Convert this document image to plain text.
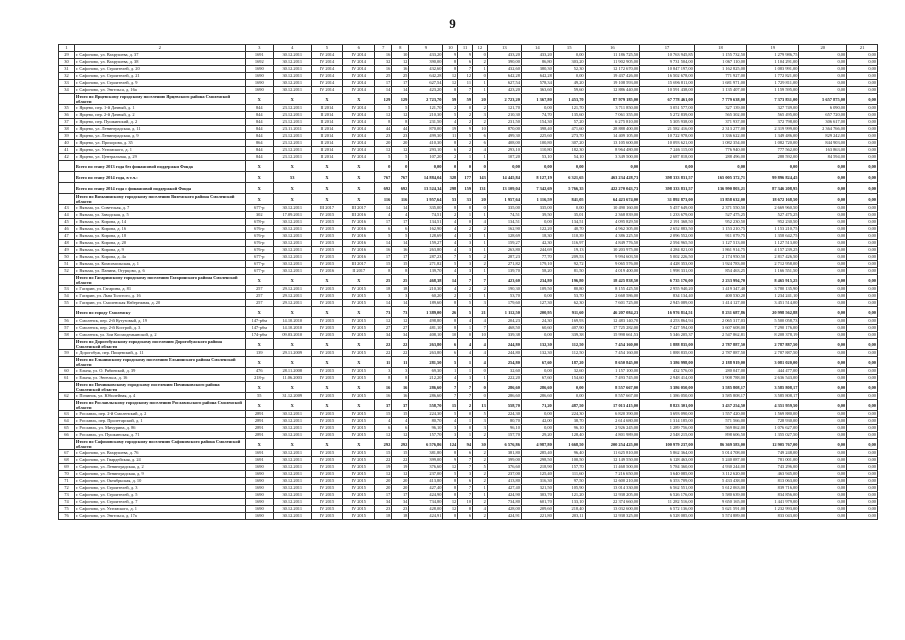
9
1	2	3	4	5	6	7	8	9	10	11	12	13	14	15	16	17	18	19	20	21
29	г. Сафоново, ул. Вахрушева, д. 37	1691	30.12.2011	IV 2014	IV 2014	16	10	433,20	9	9	0	433,20	433,20	0,00	11 186 725,50	10 763 945,85	1 155 732,50	1 279 986,75	0,00	0,00
30	г. Сафоново, ул. Вахрушева, д. 38	1692	30.12.2011	IV 2014	IV 2014	32	12	390,00	8	6	2	390,00	86,80	303,20	11 902 905,00	9 731 504,00	1 067 110,00	1 104 291,00	0,00	0,00
31	г. Сафоново, ул. Строителей, д. 20	1690	30.12.2011	IV 2014	IV 2014	16	16	432,60	8	7	1	432,60	380,30	52,30	12 172 670,00	10 847 197,00	1 162 825,00	1 083 991,00	0,00	0,00
32	г. Сафоново, ул. Строителей, д. 21	1690	30.12.2011	IV 2014	IV 2014	25	25	642,28	12	12	0	642,28	642,28	0,00	19 437 426,00	16 502 678,00	771 927,00	1 772 821,00	0,00	0,00
33	г. Сафоново, ул. Строителей, д. 9	1690	30.12.2011	IV 2014	IV 2014	17	17	627,54	12	11	1	627,54	578,34	49,20	19 108 593,00	15 696 811,00	1 681 971,00	1 729 811,00	0,00	0,00
34	г. Сафоново, ул. Энгельса, д. 16а	1690	30.12.2011	IV 2014	IV 2014	14	14	423,20	8	7	1	423,20	363,60	59,60	12 886 440,00	10 591 438,00	1 135 407,00	1 159 595,00	0,00	0,00
	Итого по Ярцевскому городскому поселению Ярцевского района Смоленской области	X	X	X	X	129	129	2 723,70	59	59	20	2 723,20	1 367,80	1 453,70	87 979 185,00	67 778 461,00	7 779 638,00	7 373 831,00	5 657 875,00	0,00
35	г. Ярцево, пер. 1-й Дачный, д. 1	844	23.12.2011	II 2014	IV 2014	5	5	121,70	2	0	2	121,70	0,00	121,70	3 711 850,00	3 051 577,00	327 139,00	327 749,00	6 090,00	0,00
36	г. Ярцево, пер. 2-й Дачный, д. 2	844	23.12.2011	II 2014	IV 2014	12	12	210,30	5	2	3	210,30	74,70	135,60	7 061 355,00	5 272 839,00	565 302,00	565 495,00	657 720,00	0,00
37	г. Ярцево, пер. Пушкинский, д. 2	844	23.12.2011	II 2014	IV 2014	8	8	231,50	4	2	2	231,50	154,30	57,20	6 275 810,00	5 305 938,00	371 937,00	372 798,00	306 617,00	0,00
38	г. Ярцево, ул. Ленинградская, д. 11	844	23.11.2011	II 2014	IV 2014	44	44	870,00	19	9	10	870,00	398,40	471,60	28 888 400,00	21 582 416,00	2 313 277,00	2 319 999,00	2 364 766,00	0,00
39	г. Ярцево, ул. Ленинградская, д. 9	844	23.12.2011	II 2014	IV 2014	23	23	499,30	11	5	6	499,30	225,60	273,70	14 409 105,00	10 722 978,00	1 336 622,00	1 349 486,00	829 242,00	0,00
40	г. Ярцево, ул. Прохорова, д. 35	864	23.12.2011	II 2014	IV 2014	20	20	410,30	8	2	6	408,00	100,80	307,20	13 105 600,00	10 093 621,00	1 082 354,00	1 082 720,00	844 903,00	0,00
41	г. Ярцево, ул. Ухтомского, д. 1	844	23.12.2011	II 2014	IV 2014	12	12	293,10	6	2	4	293,10	110,80	182,30	8 964 480,00	7 246 115,00	776 940,00	777 562,00	163 863,00	0,00
42	г. Ярцево, ул. Центральная, д. 29	844	23.12.2011	II 2014	IV 2014	5	5	107,20	2	1	1	107,20	53,10	54,10	3 349 500,00	2 687 818,00	288 496,00	288 592,00	84 594,00	0,00
	Всего по этапу 2013 года без финансовой поддержки Фонда	X	X	X	X	0	0	0,00	0	0	0	0,00	0,00	0,00	0,00	0,00	0,00	0,00	0,00	0,00
	Всего по этапу 2014 года, в т.ч.:	X	53	X	X	767	767	14 884,04	328	177	143	14 445,84	8 127,19	6 321,65	463 234 428,73	398 333 831,57	165 005 372,71	99 896 824,45	0,00	0,00
	Всего по этапу 2014 года с финансовой поддержкой Фонда	X	X	X	X	692	692	13 524,34	298	159	131	13 109,04	7 342,69	5 766,35	422 270 043,73	398 333 831,57	136 990 803,21	87 346 208,95	0,00	0,00
	Итого по Вязьминскому городскому поселению Вяземского района Смоленской области	X	X	X	X	116	116	1 957,64	53	33	20	1 957,64	1 116,59	841,05	64 423 674,00	31 892 873,00	13 858 632,00	18 672 168,50	0,00	0,00
43	г. Вязьма, ул. Советская, д. 7	677-р	30.12.2011	III 2017	III 2017	14	14	335,00	8	8	0	335,00	335,00	0,00	10 490 160,00	5 457 649,00	2 371 550,50	2 669 960,50	0,00	0,00
44	г. Вязьма, ул. Заводская, д. 5	302	17.09.2011	IV 2015	III 2016	4	4	74,51	2	1	1	74,51	39,50	35,01	2 368 839,00	1 233 679,00	527 475,25	527 475,25	0,00	0,00
45	г. Вязьма, ул. Кирова, д. 14	678-р	30.12.2011	IV 2015	IV 2016	17	17	134,51	4	0	4	134,51	0,00	134,51	4 095 829,50	2 191 368,50	952 230,50	952 230,50	0,00	0,00
46	г. Вязьма, ул. Кирова, д. 16	676-р	30.12.2011	IV 2015	IV 2016	6	6	162,90	4	2	2	162,90	122,20	40,70	4 962 305,00	2 652 883,50	1 153 210,75	1 153 210,75	0,00	0,00
47	г. Вязьма, ул. Кирова, д. 18	676-р	30.12.2011	IV 2015	IV 2016	5	5	128,69	4	3	1	128,69	18,30	110,39	4 386 225,50	2 096 552,00	911 079,75	1 358 642,75	0,00	0,00
48	г. Вязьма, ул. Кирова, д. 20	676-р	30.12.2011	IV 2015	IV 2016	14	14	159,27	4	3	1	159,27	42,30	116,97	4 849 776,50	2 594 965,50	1 127 513,00	1 127 513,00	0,00	0,00
49	г. Вязьма, ул. Кирова, д. 9	676-р	30.12.2011	IV 2015	IV 2016	16	16	263,80	4	3	1	263,80	244,69	19,13	10 203 975,00	4 284 821,00	1 861 914,75	4 157 239,25	0,00	0,00
50	г. Вязьма, ул. Кирова, д. 4а	677-р	30.12.2011	IV 2015	IV 2016	17	17	287,23	7	5	2	287,23	77,70	209,53	9 994 603,50	5 002 226,50	2 174 950,50	2 817 426,50	0,00	0,00
51	г. Вязьма, ул. Комсомольская, д. 1	677-р	30.12.2011	IV 2015	III 2017	15	15	271,82	5	3	2	271,82	179,10	92,72	9 065 576,00	4 428 353,00	1 924 783,00	2 712 958,00	0,00	0,00
52	г. Вязьма, ул. Панина, Огурцово, д. 6	677-р	30.12.2011	IV 2016	II 2017	8	8	139,70	4	3	1	139,70	58,20	81,50	4 019 400,00	1 998 331,00	854 463,25	1 166 551,50	0,00	0,00
	Итого по Гагаринскому городскому поселению Гагаринского района Смоленской области	X	X	X	X	25	25	468,38	14	7	7	423,60	234,80	196,80	18 425 838,50	6 735 176,00	2 233 994,70	8 465 915,25	0,00	0,00
53	г. Гагарин, ул. Гагарина, д. 81	257	29.12.2011	IV 2015	IV 2015	18	18	210,30	4	2	2	190,30	109,50	80,80	8 155 425,50	2 955 940,20	1 419 347,40	3 780 135,90	0,00	0,00
54	г. Гагарин, ул. Льва Толстого, д. 16	257	29.12.2011	IV 2015	IV 2015	3	3	60,20	2	1	1	53,70	0,00	53,70	2 668 586,00	834 134,40	400 530,20	1 234 241,10	0,00	0,00
55	г. Гагарин, ул. Смоленская Набережная, д. 20	257	29.12.2011	IV 2015	IV 2015	14	14	189,60	8	5	3	179,60	127,30	62,30	7 601 725,00	2 945 089,00	1 414 127,00	3 451 514,00	0,00	0,00
	Итого по городу Смоленску	X	X	X	X	73	73	1 389,00	26	5	21	1 112,50	200,95	911,60	46 207 084,23	16 976 814,51	8 231 687,86	20 998 562,88	0,00	0,00
56	г. Смоленск, пер. 2-й Кутузовый, д. 19	147-рбм	14.10.2010	IV 2015	IV 2015	12	12	498,80	8	4	4	204,23	24,30	169,93	12 483 140,70	4 253 864,94	2 065 317,03	5 500 058,73	0,00	0,00
57	г. Смоленск, пер. 2-й Кострой, д. 3	147-рбм	14.10.2010	IV 2015	IV 2015	27	27	481,10	8	1	7	468,50	60,60	407,90	17 725 282,00	7 427 594,00	3 607 608,00	7 290 176,00	0,00	0,00
58	г. Смоленск, ул. Зои Космодемьянской, д. 2	174-рбм	09.03.2010	IV 2015	IV 2015	34	34	408,10	10	0	10	339,38	0,00	339,38	15 998 661,53	5 346 205,37	2 547 862,81	8 208 378,19	0,00	0,00
	Итого по Дорогобужскому городскому поселению Дорогобужского района Смоленской области	X	X	X	X	22	22	263,80	6	4	4	244,80	132,30	112,50	7 454 160,00	1 888 835,00	2 787 887,50	2 787 887,50	0,00	0,00
59	г. Дорогобуж, пер. Пищевский, д. 11	139	29.11.2009	IV 2015	IV 2015	22	22	263,80	6	4	4	244,80	132,30	112,50	7 454 160,00	1 888 835,00	2 787 887,50	2 787 887,50	0,00	0,00
	Итого по Ельнинскому городскому поселению Ельнинского района Смоленской области	X	X	X	X	11	11	281,50	5	1	4	254,80	67,60	187,20	8 650 845,00	3 386 998,00	2 188 919,00	3 081 020,00	0,00	0,00
60	г. Ельня, ул. О. Рябинской, д. 39	476	28.11.2008	IV 2015	IV 2015	3	3	69,30	1	1	0	32,60	0,00	32,60	1 157 100,00	432 576,00	280 047,00	444 477,00	0,00	0,00
61	г. Ельня, ул. Энгельса, д. 16	218-р	11.06.2003	IV 2015	IV 2015	8	8	212,20	4	3	1	222,20	67,60	154,60	7 493 745,00	2 948 414,00	1 908 788,00	2 636 543,00	0,00	0,00
	Итого по Починковскому городскому поселению Починковского района Смоленской области	X	X	X	X	16	16	286,60	7	7	0	286,60	286,60	0,00	8 557 667,00	3 386 050,00	3 585 808,17	3 585 808,17	0,00	0,00
62	г. Починок, ул. Юбилейная, д. 4	55	31.12.2009	IV 2015	IV 2015	16	16	286,60	7	7	0	286,60	286,60	0,00	8 557 667,00	1 386 050,00	3 585 808,17	3 585 808,17	0,00	0,00
	Итого по Рославльскому городскому поселению Рославльского района Смоленской области	X	X	X	X	37	37	558,70	15	2	13	558,70	71,20	487,50	17 013 415,00	8 823 301,00	3 437 254,50	4 351 959,50	0,00	0,00
63	г. Рославль, пер. 2-й Смоленский, д. 2	2891	30.12.2011	IV 2015	IV 2015	15	15	224,30	5	0	5	224,30	0,00	224,30	6 820 390,00	3 693 090,00	1 557 420,00	1 569 880,00	0,00	0,00
64	г. Рославль, пер. Пролетарский, д. 1	2891	30.12.2011	IV 2015	IV 2015	4	4	80,70	4	1	3	80,70	42,00	38,70	2 614 680,00	1 314 185,00	571 566,00	728 930,00	0,00	0,00
65	г. Рославль, ул. Мичурина, д. 86	2891	30.12.2011	IV 2015	IV 2015	6	6	96,10	3	0	3	96,10	0,00	96,10	2 926 245,00	1 289 756,00	569 862,00	1 076 627,00	0,00	0,00
66	г. Рославль, ул. Пушкинская, д. 71	2891	30.12.2011	IV 2015	IV 2015	12	12	157,70	3	1	2	157,70	29,20	128,40	4 801 989,00	2 548 215,00	898 606,50	1 355 027,50	0,00	0,00
	Итого по Сафоновскому городскому поселению Сафоновского района Смоленской области	X	X	X	X	292	292	6 576,86	124	94	30	6 576,86	4 987,80	1 668,50	200 254 425,00	100 979 237,00	86 369 583,00	12 905 767,00	0,00	0,00
67	г. Сафоново, ул. Вахрушева, д. 76	1691	30.12.2011	IV 2015	IV 2015	15	15	381,80	8	6	2	381,80	285,40	96,40	11 625 810,00	5 862 364,00	5 014 708,00	749 248,00	0,00	0,00
68	г. Сафоново, ул. Гвардейская, д. 24	1691	30.12.2011	IV 2015	IV 2015	22	22	399,00	9	7	2	399,00	298,50	100,50	12 149 550,00	6 128 463,00	5 240 087,00	781 001,00	0,00	0,00
69	г. Сафоново, ул. Ленинградская, д. 2	1690	30.12.2011	IV 2015	IV 2015	19	19	376,60	12	7	5	376,60	218,90	157,70	11 468 500,00	5 784 360,00	4 930 244,00	743 296,00	0,00	0,00
70	г. Сафоново, ул. Ленинградская, д. 9	1690	30.12.2011	IV 2015	IV 2015	12	12	237,00	5	3	2	237,00	125,40	111,60	7 216 650,00	3 640 085,00	3 112 620,00	463 945,00	0,00	0,00
71	г. Сафоново, ул. Октябрьская, д. 10	1690	30.12.2011	IV 2015	IV 2015	20	20	413,80	8	6	2	413,80	316,30	97,50	12 600 210,00	6 353 709,00	5 433 438,00	813 063,00	0,00	0,00
72	г. Сафоново, ул. Строителей, д. 3	1690	30.12.2011	IV 2015	IV 2015	20	20	427,40	8	7	1	427,40	321,50	105,90	13 014 330,00	6 562 551,00	5 612 063,00	839 716,00	0,00	0,00
73	г. Сафоново, ул. Строителей, д. 5	1690	30.12.2011	IV 2015	IV 2015	17	17	424,90	8	7	1	424,90	303,70	121,20	12 938 205,00	6 526 176,00	5 580 639,00	834 856,00	0,00	0,00
74	г. Сафоново, ул. Строителей, д. 7	1690	30.12.2011	IV 2015	IV 2015	34	34	734,80	12	10	2	734,80	601,70	133,10	22 374 660,00	11 282 516,00	9 650 165,00	1 441 979,00	0,00	0,00
75	г. Сафоново, ул. Ухтомского, д. 1	1690	30.12.2011	IV 2015	IV 2015	23	23	428,00	12	8	4	428,00	209,60	218,40	13 032 600,00	6 572 136,00	5 621 591,00	1 232 993,00	0,00	0,00
76	г. Сафоново, ул. Энгельса, д. 17а	1690	30.12.2011	IV 2015	IV 2015	18	18	424,91	8	6	2	424,91	221,80	203,11	12 938 325,00	6 528 085,00	5 574 889,00	833 043,00	0,00	0,00
